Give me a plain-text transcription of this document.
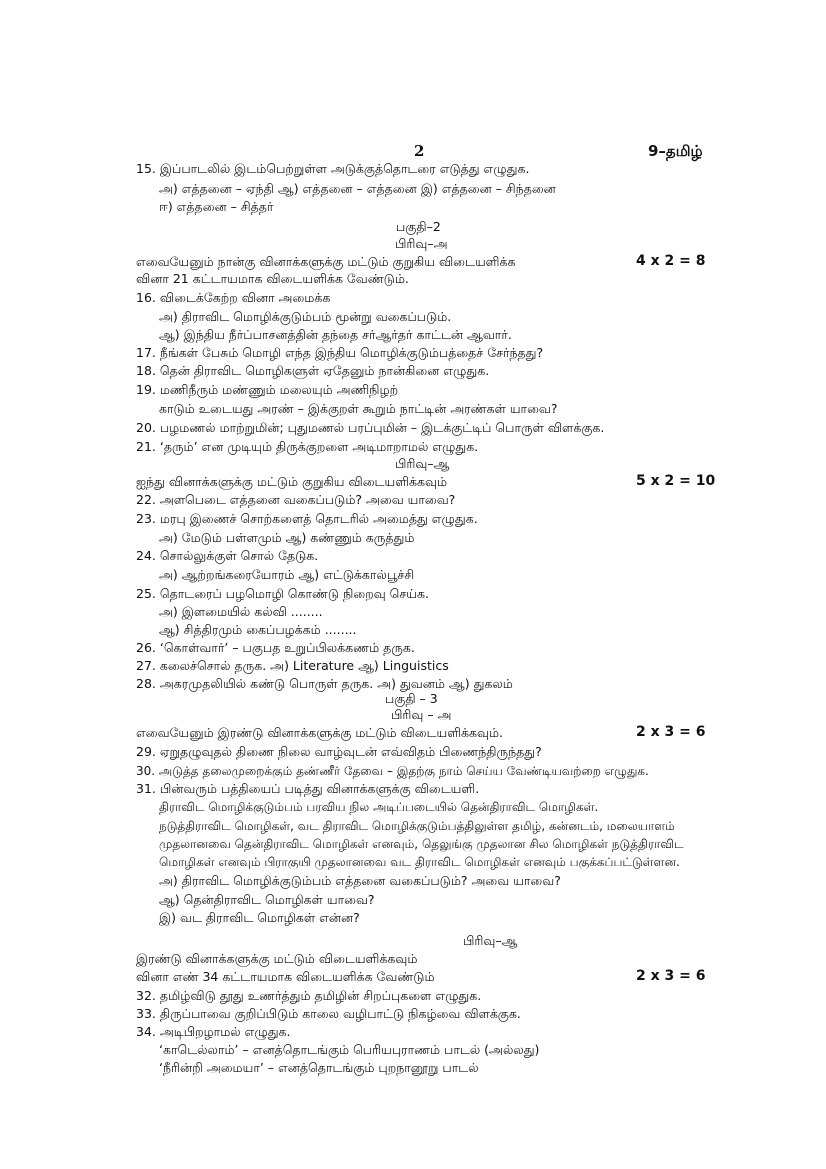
2	9–தமிழ்
15. இப்பாடலில் இடம்பெற்றுள்ள அடுக்குத்தொடரை எடுத்து எழுதுக.
அ) எத்தனை – ஏந்தி ஆ) எத்தனை – எத்தனை இ) எத்தனை – சிந்தனை
ஈ) எத்தனை – சித்தர்
பகுதி–2
பிரிவு–அ
எவையேனும் நான்கு வினாக்களுக்கு மட்டும் குறுகிய விடையளிக்க	4 x 2 = 8
வினா 21 கட்டாயமாக விடையளிக்க வேண்டும்.
16. விடைக்கேற்ற வினா அமைக்க
அ) திராவிட மொழிக்குடும்பம் மூன்று வகைப்படும்.
ஆ) இந்திய நீர்ப்பாசனத்தின் தந்தை சர்ஆர்தர் காட்டன் ஆவார்.
17. நீங்கள் பேசும் மொழி எந்த இந்திய மொழிக்குடும்பத்தைச் சேர்ந்தது?
18. தென் திராவிட மொழிகளுள் ஏதேனும் நான்கினை எழுதுக.
19. மணிநீரும் மண்ணும் மலையும் அணிநிழற்
காடும் உடையது அரண் – இக்குறள் கூறும் நாட்டின் அரண்கள் யாவை?
20. பழமணல் மாற்றுமின்; புதுமணல் பரப்புமின் – இடக்குட்டிப் பொருள் விளக்குக.
21. ‘தரும்’ என முடியும் திருக்குறளை அடிமாறாமல் எழுதுக.
பிரிவு–ஆ
ஐந்து வினாக்களுக்கு மட்டும் குறுகிய விடையளிக்கவும்	5 x 2 = 10
22. அளபெடை எத்தனை வகைப்படும்? அவை யாவை?
23. மரபு இணைச் சொற்களைத் தொடரில் அமைத்து எழுதுக.
அ) மேடும் பள்ளமும் ஆ) கண்ணும் கருத்தும்
24. சொல்லுக்குள் சொல் தேடுக.
அ) ஆற்றங்கரையோரம் ஆ) எட்டுக்கால்பூச்சி
25. தொடரைப் பழமொழி கொண்டு நிறைவு செய்க.
அ) இளமையில் கல்வி ........
ஆ) சித்திரமும் கைப்பழக்கம் ........
26. ‘கொள்வார்’ – பகுபத உறுப்பிலக்கணம் தருக.
27. கலைச்சொல் தருக. அ) Literature ஆ) Linguistics
28. அகரமுதலியில் கண்டு பொருள் தருக. அ) துவனம் ஆ) துகலம்
பகுதி – 3
பிரிவு – அ
எவையேனும் இரண்டு வினாக்களுக்கு மட்டும் விடையளிக்கவும்.	2 x 3 = 6
29. ஏறுதழுவுதல் திணை நிலை வாழ்வுடன் எவ்விதம் பிணைந்திருந்தது?
30. அடுத்த தலைமுறைக்கும் தண்ணீர் தேவை – இதற்கு நாம் செய்ய வேண்டியவற்றை எழுதுக.
31. பின்வரும் பத்தியைப் படித்து வினாக்களுக்கு விடையளி.
திராவிட மொழிக்குடும்பம் பரவிய நில அடிப்படையில் தென்திராவிட மொழிகள்.
நடுத்திராவிட மொழிகள், வட திராவிட மொழிக்குடும்பத்திலுள்ள தமிழ், கன்னடம், மலையாளம்
முதலானவை தென்திராவிட மொழிகள் எனவும், தெலுங்கு முதலான சில மொழிகள் நடுத்திராவிட
மொழிகள் எனவும் பிராகுயி முதலானவை வட திராவிட மொழிகள் எனவும் பகுக்கப்பட்டுள்ளன.
அ) திராவிட மொழிக்குடும்பம் எத்தனை வகைப்படும்? அவை யாவை?
ஆ) தென்திராவிட மொழிகள் யாவை?
இ) வட திராவிட மொழிகள் என்ன?
பிரிவு–ஆ
இரண்டு வினாக்களுக்கு மட்டும் விடையளிக்கவும்
வினா எண் 34 கட்டாயமாக விடையளிக்க வேண்டும்	2 x 3 = 6
32. தமிழ்விடு தூது உணர்த்தும் தமிழின் சிறப்புகளை எழுதுக.
33. திருப்பாவை குறிப்பிடும் காலை வழிபாட்டு நிகழ்வை விளக்குக.
34. அடிபிறழாமல் எழுதுக.
‘காடெல்லாம்’ – எனத்தொடங்கும் பெரியபுராணம் பாடல் (அல்லது)
‘நீரின்றி அமையா’ – எனத்தொடங்கும் புறநானூறு பாடல்
